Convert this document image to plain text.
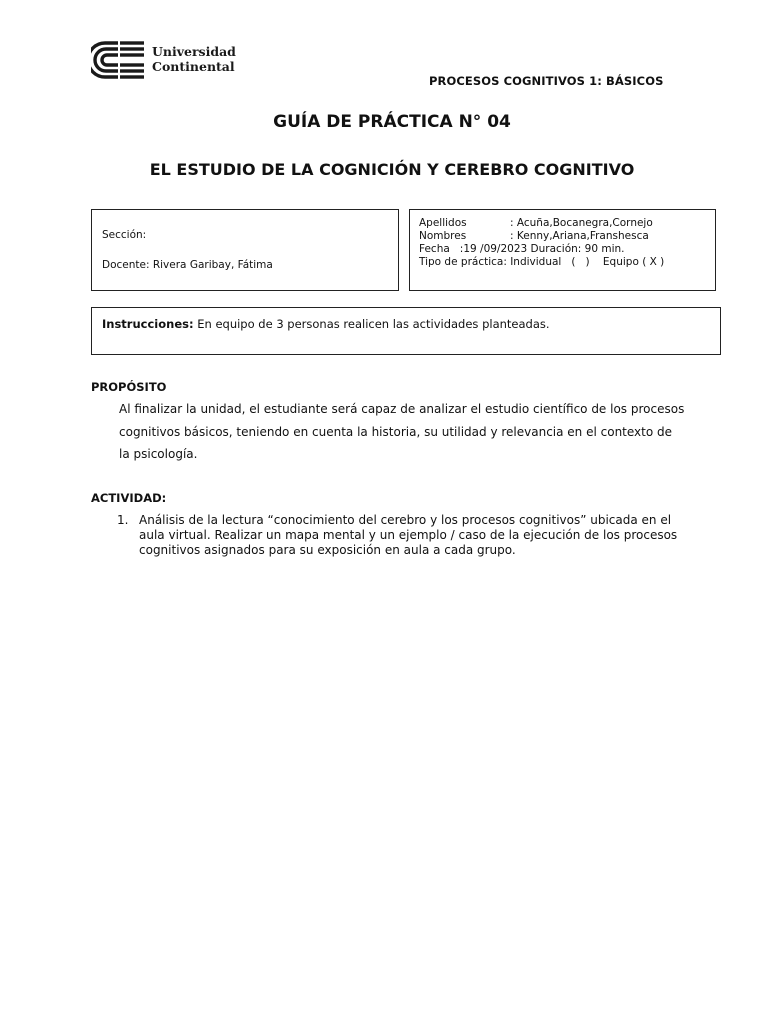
Universidad
Continental
PROCESOS COGNITIVOS 1: BÁSICOS
GUÍA DE PRÁCTICA N° 04
EL ESTUDIO DE LA COGNICIÓN Y CEREBRO COGNITIVO
Sección:
Docente: Rivera Garibay, Fátima
Apellidos	: Acuña,Bocanegra,Cornejo
Nombres	: Kenny,Ariana,Franshesca
Fecha   :19 /09/2023 Duración: 90 min.
Tipo de práctica: Individual   (   )    Equipo ( X )
Instrucciones: En equipo de 3 personas realicen las actividades planteadas.
PROPÓSITO
Al finalizar la unidad, el estudiante será capaz de analizar el estudio científico de los procesos
cognitivos básicos, teniendo en cuenta la historia, su utilidad y relevancia en el contexto de
la psicología.
ACTIVIDAD:
1. Análisis de la lectura “conocimiento del cerebro y los procesos cognitivos” ubicada en el
aula virtual. Realizar un mapa mental y un ejemplo / caso de la ejecución de los procesos
cognitivos asignados para su exposición en aula a cada grupo.
